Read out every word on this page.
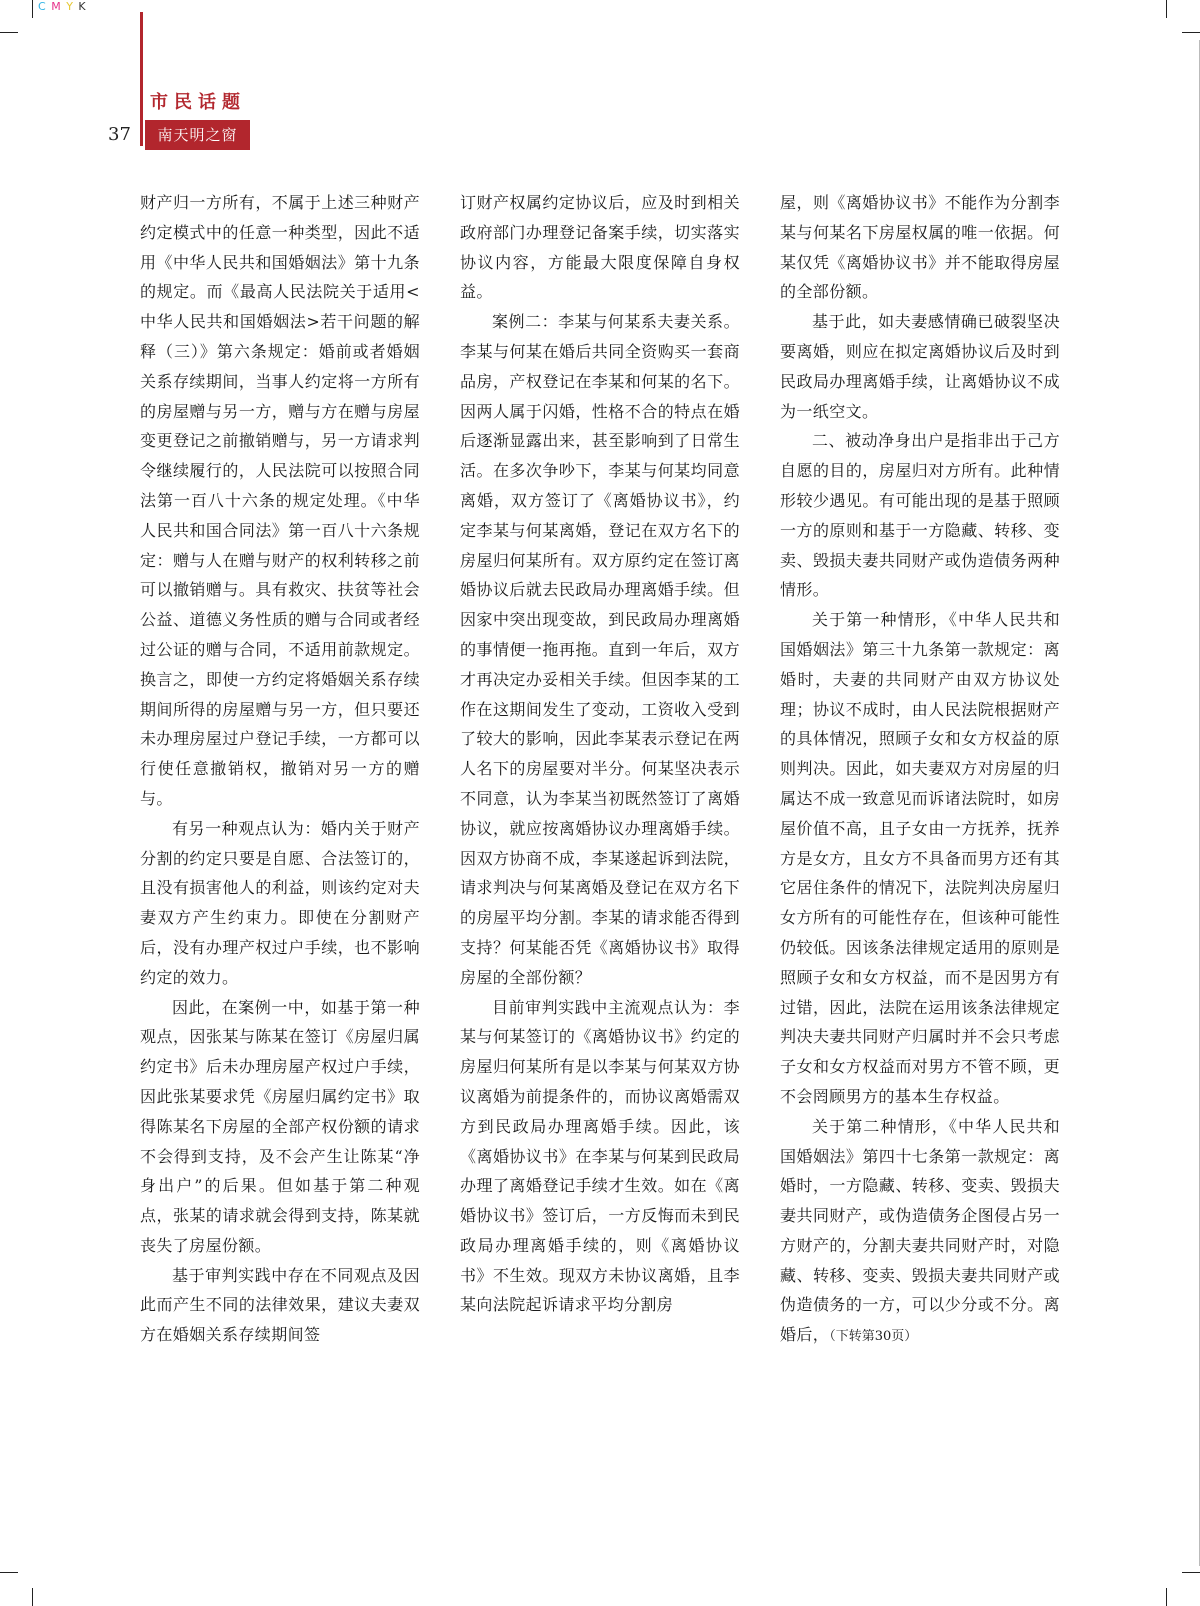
C M Y K
市民话题
37	南天明之窗

财产归一方所有，不属于上述三种财产约定模式中的任意一种类型，因此不适用《中华人民共和国婚姻法》第十九条的规定。而《最高人民法院关于适用<中华人民共和国婚姻法>若干问题的解释（三）》第六条规定：婚前或者婚姻关系存续期间，当事人约定将一方所有的房屋赠与另一方，赠与方在赠与房屋变更登记之前撤销赠与，另一方请求判令继续履行的，人民法院可以按照合同法第一百八十六条的规定处理。《中华人民共和国合同法》第一百八十六条规定：赠与人在赠与财产的权利转移之前可以撤销赠与。具有救灾、扶贫等社会公益、道德义务性质的赠与合同或者经过公证的赠与合同，不适用前款规定。换言之，即使一方约定将婚姻关系存续期间所得的房屋赠与另一方，但只要还未办理房屋过户登记手续，一方都可以行使任意撤销权，撤销对另一方的赠与。

有另一种观点认为：婚内关于财产分割的约定只要是自愿、合法签订的，且没有损害他人的利益，则该约定对夫妻双方产生约束力。即使在分割财产后，没有办理产权过户手续，也不影响约定的效力。

因此，在案例一中，如基于第一种观点，因张某与陈某在签订《房屋归属约定书》后未办理房屋产权过户手续，因此张某要求凭《房屋归属约定书》取得陈某名下房屋的全部产权份额的请求不会得到支持，及不会产生让陈某“净身出户”的后果。但如基于第二种观点，张某的请求就会得到支持，陈某就丧失了房屋份额。

基于审判实践中存在不同观点及因此而产生不同的法律效果，建议夫妻双方在婚姻关系存续期间签

订财产权属约定协议后，应及时到相关政府部门办理登记备案手续，切实落实协议内容，方能最大限度保障自身权益。

案例二：李某与何某系夫妻关系。李某与何某在婚后共同全资购买一套商品房，产权登记在李某和何某的名下。因两人属于闪婚，性格不合的特点在婚后逐渐显露出来，甚至影响到了日常生活。在多次争吵下，李某与何某均同意离婚，双方签订了《离婚协议书》，约定李某与何某离婚，登记在双方名下的房屋归何某所有。双方原约定在签订离婚协议后就去民政局办理离婚手续。但因家中突出现变故，到民政局办理离婚的事情便一拖再拖。直到一年后，双方才再决定办妥相关手续。但因李某的工作在这期间发生了变动，工资收入受到了较大的影响，因此李某表示登记在两人名下的房屋要对半分。何某坚决表示不同意，认为李某当初既然签订了离婚协议，就应按离婚协议办理离婚手续。因双方协商不成，李某遂起诉到法院，请求判决与何某离婚及登记在双方名下的房屋平均分割。李某的请求能否得到支持？何某能否凭《离婚协议书》取得房屋的全部份额？

目前审判实践中主流观点认为：李某与何某签订的《离婚协议书》约定的房屋归何某所有是以李某与何某双方协议离婚为前提条件的，而协议离婚需双方到民政局办理离婚手续。因此，该《离婚协议书》在李某与何某到民政局办理了离婚登记手续才生效。如在《离婚协议书》签订后，一方反悔而未到民政局办理离婚手续的，则《离婚协议书》不生效。现双方未协议离婚，且李某向法院起诉请求平均分割房

屋，则《离婚协议书》不能作为分割李某与何某名下房屋权属的唯一依据。何某仅凭《离婚协议书》并不能取得房屋的全部份额。

基于此，如夫妻感情确已破裂坚决要离婚，则应在拟定离婚协议后及时到民政局办理离婚手续，让离婚协议不成为一纸空文。

二、被动净身出户是指非出于己方自愿的目的，房屋归对方所有。此种情形较少遇见。有可能出现的是基于照顾一方的原则和基于一方隐藏、转移、变卖、毁损夫妻共同财产或伪造债务两种情形。

关于第一种情形，《中华人民共和国婚姻法》第三十九条第一款规定：离婚时，夫妻的共同财产由双方协议处理；协议不成时，由人民法院根据财产的具体情况，照顾子女和女方权益的原则判决。因此，如夫妻双方对房屋的归属达不成一致意见而诉诸法院时，如房屋价值不高，且子女由一方抚养，抚养方是女方，且女方不具备而男方还有其它居住条件的情况下，法院判决房屋归女方所有的可能性存在，但该种可能性仍较低。因该条法律规定适用的原则是照顾子女和女方权益，而不是因男方有过错，因此，法院在运用该条法律规定判决夫妻共同财产归属时并不会只考虑子女和女方权益而对男方不管不顾，更不会罔顾男方的基本生存权益。

关于第二种情形，《中华人民共和国婚姻法》第四十七条第一款规定：离婚时，一方隐藏、转移、变卖、毁损夫妻共同财产，或伪造债务企图侵占另一方财产的，分割夫妻共同财产时，对隐藏、转移、变卖、毁损夫妻共同财产或伪造债务的一方，可以少分或不分。离婚后，（下转第30页）
